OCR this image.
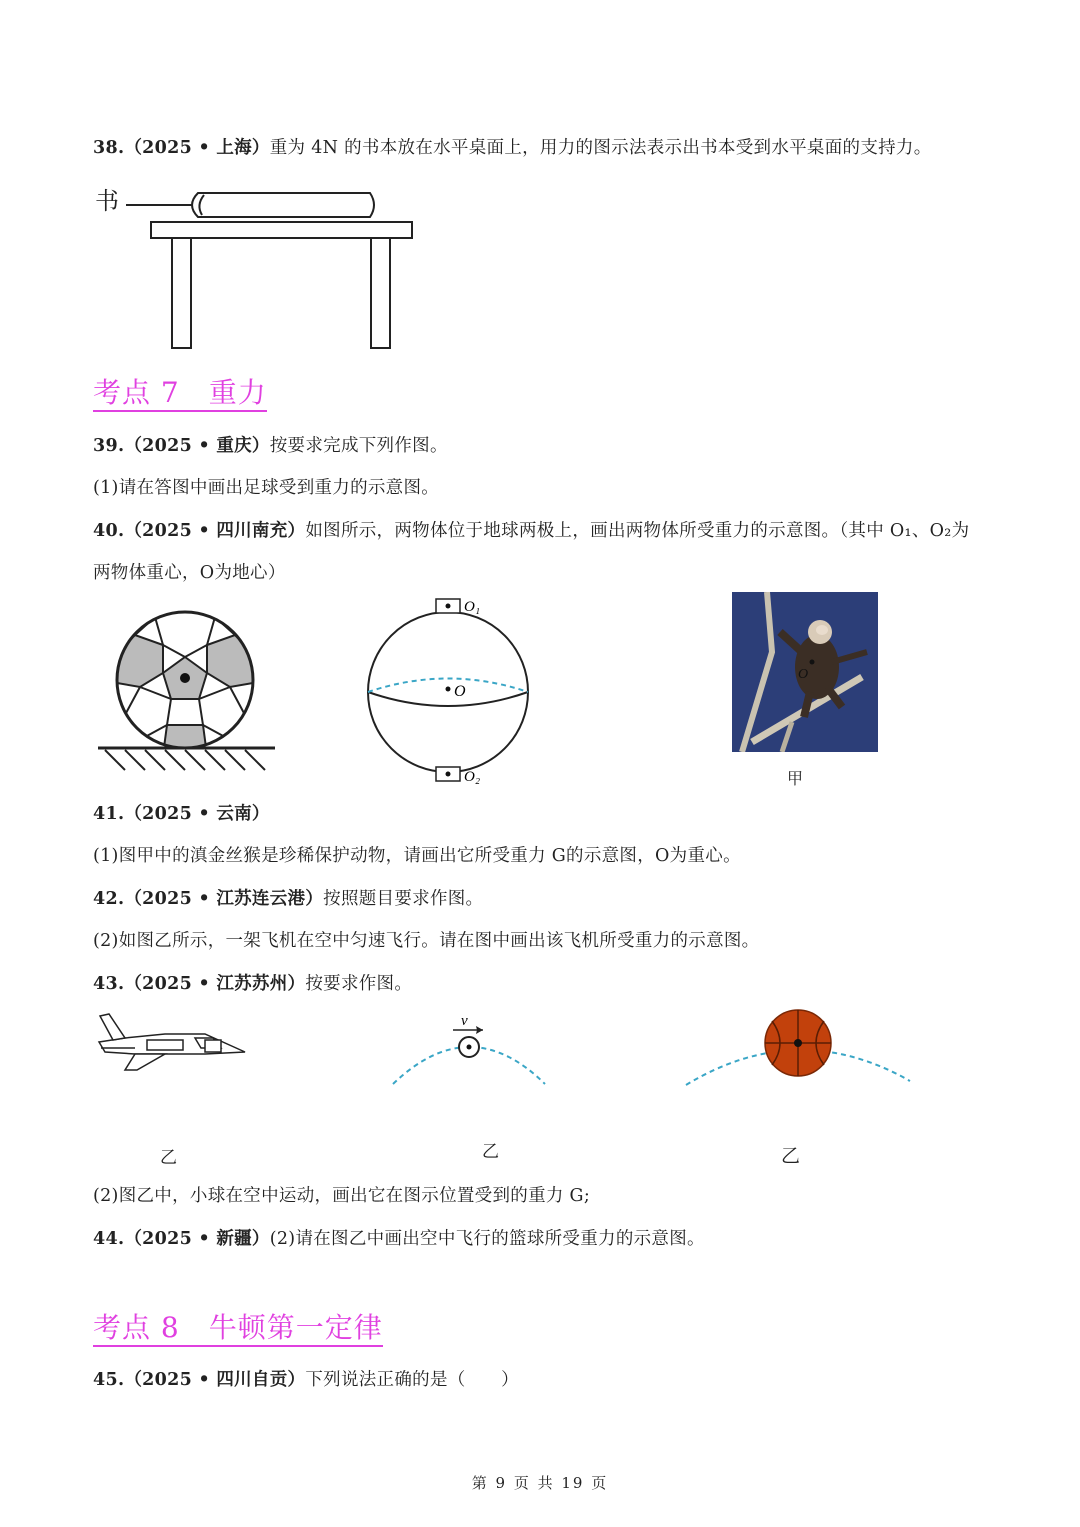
38.（2025 • 上海）重为 4N 的书本放在水平桌面上，用力的图示法表示出书本受到水平桌面的支持力。
书
考点 7　重力
39.（2025 • 重庆）按要求完成下列作图。
(1)请在答图中画出足球受到重力的示意图。
40.（2025 • 四川南充）如图所示，两物体位于地球两极上，画出两物体所受重力的示意图。（其中 O₁、O₂为
两物体重心，O为地心）
O
O₁
O₂
O
甲
41.（2025 • 云南）
(1)图甲中的滇金丝猴是珍稀保护动物，请画出它所受重力 G的示意图，O为重心。
42.（2025 • 江苏连云港）按照题目要求作图。
(2)如图乙所示，一架飞机在空中匀速飞行。请在图中画出该飞机所受重力的示意图。
43.（2025 • 江苏苏州）按要求作图。
乙
v
乙	乙
(2)图乙中，小球在空中运动，画出它在图示位置受到的重力 G;
44.（2025 • 新疆）(2)请在图乙中画出空中飞行的篮球所受重力的示意图。
考点 8　牛顿第一定律
45.（2025 • 四川自贡）下列说法正确的是（　　）
第 9 页 共 19 页
